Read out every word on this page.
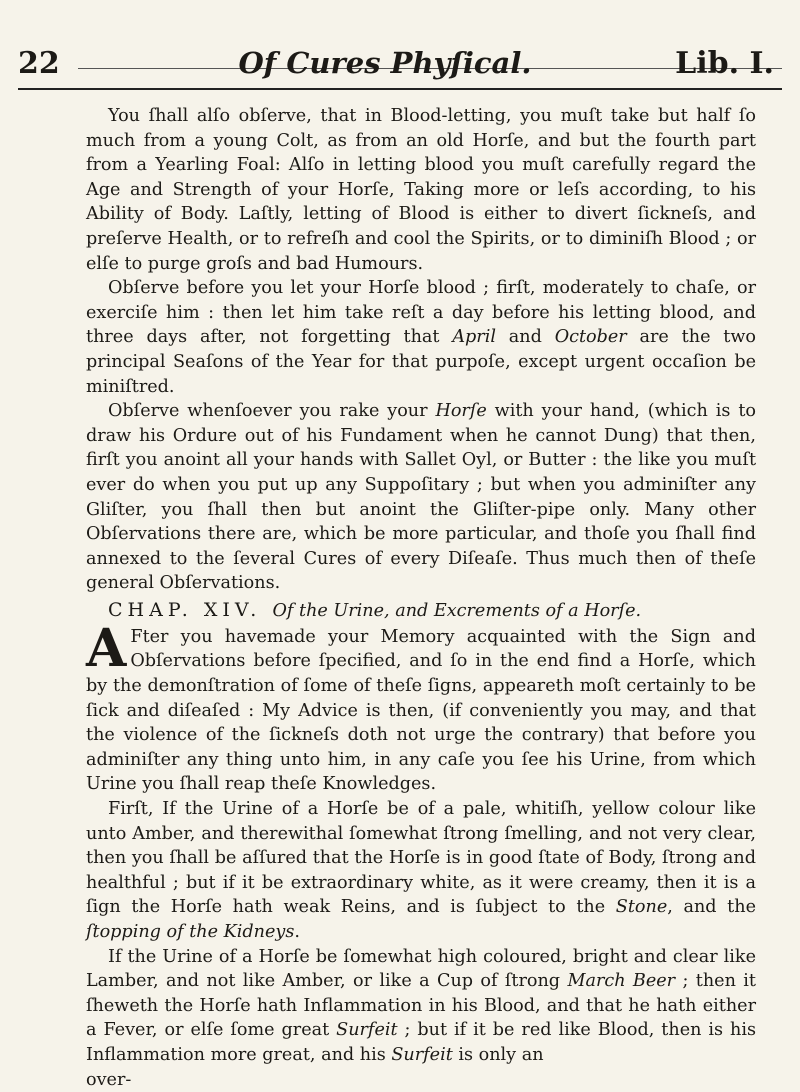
22	Of Cures Phyſical.	Lib. I.

You ſhall alſo obſerve, that in Blood-letting, you muſt take but half ſo much from a young Colt, as from an old Horſe, and but the fourth part from a Yearling Foal: Alſo in letting blood you muſt carefully regard the Age and Strength of your Horſe, Taking more or leſs according, to his Ability of Body. Laſtly, letting of Blood is either to divert ſickneſs, and preſerve Health, or to refreſh and cool the Spirits, or to diminiſh Blood ; or elſe to purge groſs and bad Humours.

Obſerve before you let your Horſe blood ; firſt, moderately to chaſe, or exerciſe him : then let him take reſt a day before his letting blood, and three days after, not forgetting that April and October are the two principal Seaſons of the Year for that purpoſe, except urgent occaſion be miniſtred.

Obſerve whenſoever you rake your Horſe with your hand, (which is to draw his Ordure out of his Fundament when he cannot Dung) that then, firſt you anoint all your hands with Sallet Oyl, or Butter : the like you muſt ever do when you put up any Suppoſitary ; but when you adminiſter any Gliſter, you ſhall then but anoint the Gliſter-pipe only. Many other Obſervations there are, which be more particular, and thoſe you ſhall find annexed to the ſeveral Cures of every Diſeaſe. Thus much then of theſe general Obſervations.

CHAP. XIV. Of the Urine, and Excrements of a Horſe.

A Fter you havemade your Memory acquainted with the Sign and Obſervations before ſpecified, and ſo in the end find a Horſe, which by the demonſtration of ſome of theſe ſigns, appeareth moſt certainly to be ſick and diſeaſed : My Advice is then, (if conveniently you may, and that the violence of the ſickneſs doth not urge the contrary) that before you adminiſter any thing unto him, in any caſe you ſee his Urine, from which Urine you ſhall reap theſe Knowledges.

Firſt, If the Urine of a Horſe be of a pale, whitiſh, yellow colour like unto Amber, and therewithal ſomewhat ſtrong ſmelling, and not very clear, then you ſhall be aſſured that the Horſe is in good ſtate of Body, ſtrong and healthful ; but if it be extraordinary white, as it were creamy, then it is a ſign the Horſe hath weak Reins, and is ſubject to the Stone, and the ſtopping of the Kidneys.

If the Urine of a Horſe be ſomewhat high coloured, bright and clear like Lamber, and not like Amber, or like a Cup of ſtrong March Beer ; then it ſheweth the Horſe hath Inflammation in his Blood, and that he hath either a Fever, or elſe ſome great Surfeit ; but if it be red like Blood, then is his Inflammation more great, and his Surfeit is only an

over-
